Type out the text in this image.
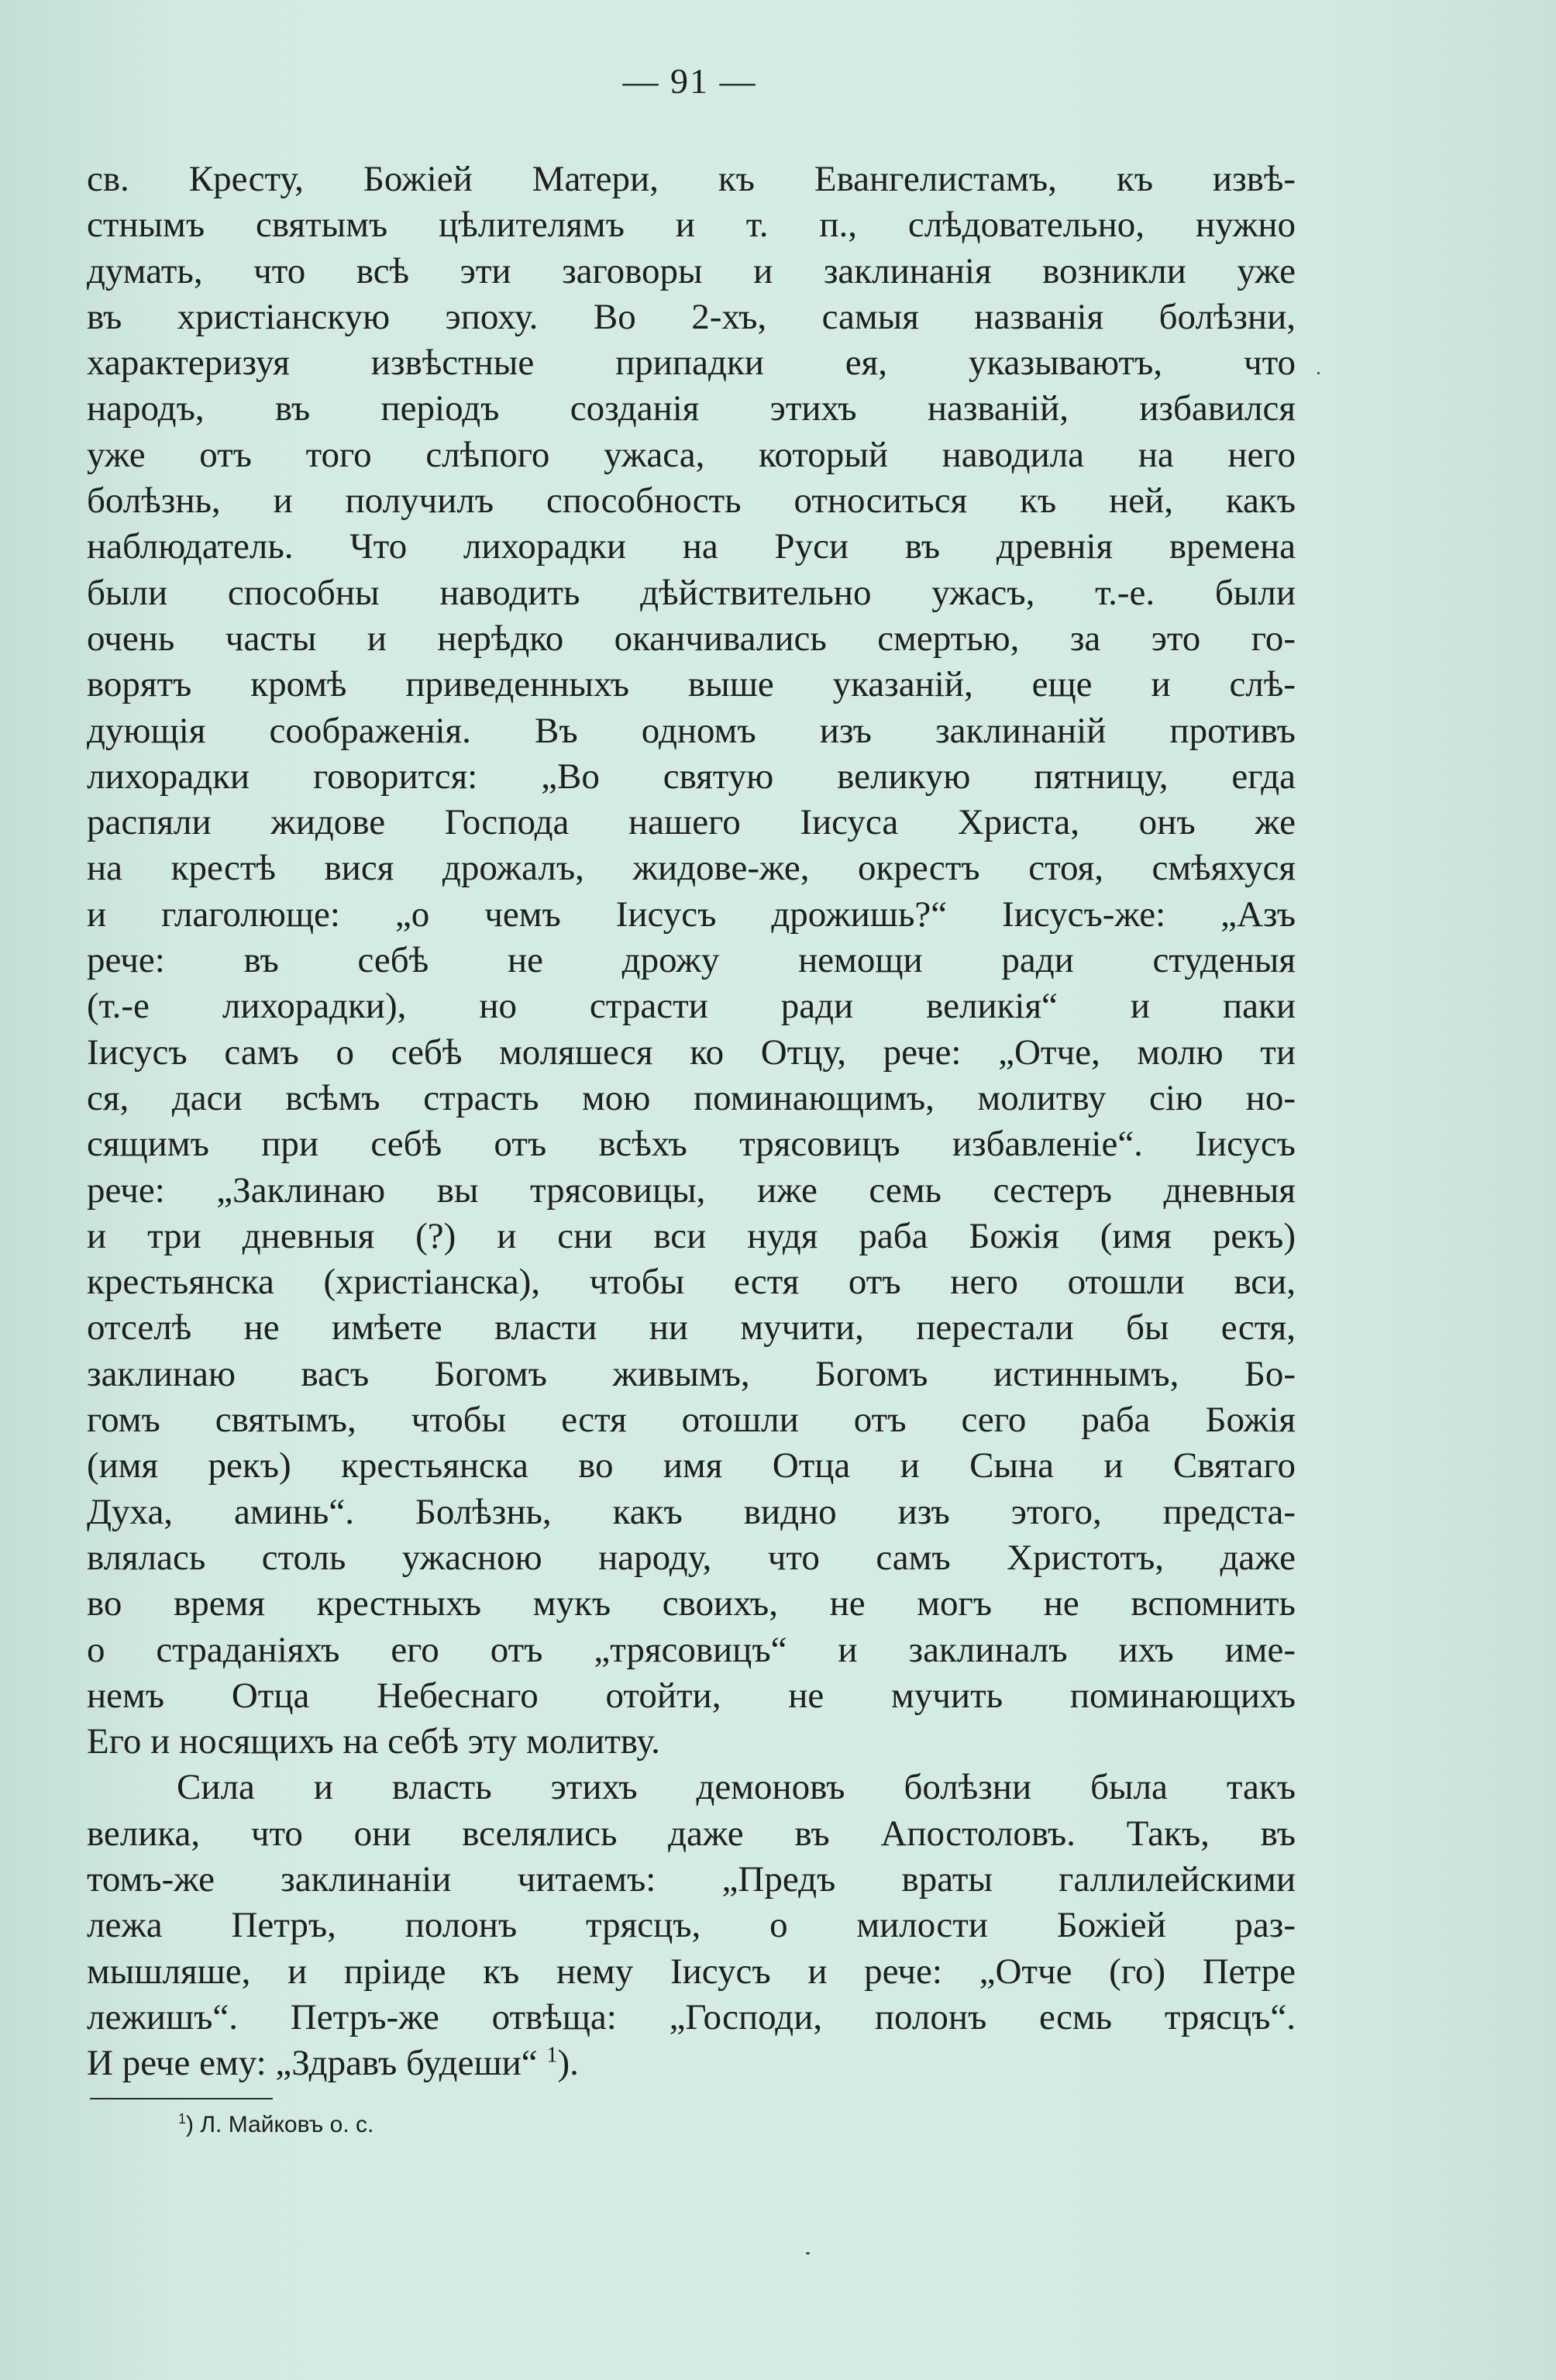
— 91 —
св. Кресту, Божіей Матери, къ Евангелистамъ, къ извѣ-
стнымъ святымъ цѣлителямъ и т. п., слѣдовательно, нужно
думать, что всѣ эти заговоры и заклинанія возникли уже
въ христіанскую эпоху. Во 2-хъ, самыя названія болѣзни,
характеризуя извѣстные припадки ея, указываютъ, что
народъ, въ періодъ созданія этихъ названій, избавился
уже отъ того слѣпого ужаса, который наводила на него
болѣзнь, и получилъ способность относиться къ ней, какъ
наблюдатель. Что лихорадки на Руси въ древнія времена
были способны наводить дѣйствительно ужасъ, т.-е. были
очень часты и нерѣдко оканчивались смертью, за это го-
ворятъ кромѣ приведенныхъ выше указаній, еще и слѣ-
дующія соображенія. Въ одномъ изъ заклинаній противъ
лихорадки говорится: „Во святую великую пятницу, егда
распяли жидове Господа нашего Іисуса Христа, онъ же
на крестѣ вися дрожалъ, жидове-же, окрестъ стоя, смѣяхуся
и глаголюще: „о чемъ Іисусъ дрожишь?“ Іисусъ-же: „Азъ
рече: въ себѣ не дрожу немощи ради студеныя
(т.-е лихорадки), но страсти ради великія“ и паки
Іисусъ самъ о себѣ моляшеся ко Отцу, рече: „Отче, молю ти
ся, даси всѣмъ страсть мою поминающимъ, молитву сію но-
сящимъ при себѣ отъ всѣхъ трясовицъ избавленіе“. Іисусъ
рече: „Заклинаю вы трясовицы, иже семь сестеръ дневныя
и три дневныя (?) и сни вси нудя раба Божія (имя рекъ)
крестьянска (христіанска), чтобы естя отъ него отошли вси,
отселѣ не имѣете власти ни мучити, перестали бы естя,
заклинаю васъ Богомъ живымъ, Богомъ истиннымъ, Бо-
гомъ святымъ, чтобы естя отошли отъ сего раба Божія
(имя рекъ) крестьянска во имя Отца и Сына и Святаго
Духа, аминь“. Болѣзнь, какъ видно изъ этого, предста-
влялась столь ужасною народу, что самъ Христотъ, даже
во время крестныхъ мукъ своихъ, не могъ не вспомнить
о страданіяхъ его отъ „трясовицъ“ и заклиналъ ихъ име-
немъ Отца Небеснаго отойти, не мучить поминающихъ
Его и носящихъ на себѣ эту молитву.
Сила и власть этихъ демоновъ болѣзни была такъ
велика, что они вселялись даже въ Апостоловъ. Такъ, въ
томъ-же заклинаніи читаемъ: „Предъ враты галлилейскими
лежа Петръ, полонъ трясцъ, о милости Божіей раз-
мышляше, и пріиде къ нему Іисусъ и рече: „Отче (го) Петре
лежишъ“. Петръ-же отвѣща: „Господи, полонъ есмь трясцъ“.
И рече ему: „Здравъ будеши“ $^1$).
$^1$) Л. Майковъ о. с.
